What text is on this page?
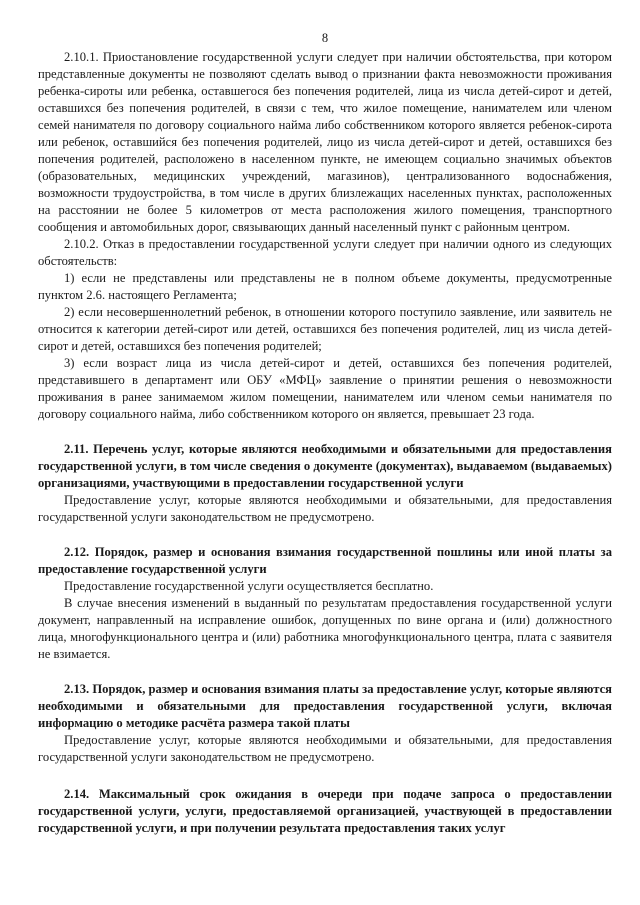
8

2.10.1. Приостановление государственной услуги следует при наличии обстоятельства, при котором представленные документы не позволяют сделать вывод о признании факта невозможности проживания ребенка-сироты или ребенка, оставшегося без попечения родителей, лица из числа детей-сирот и детей, оставшихся без попечения родителей, в связи с тем, что жилое помещение, нанимателем или членом семей нанимателя по договору социального найма либо собственником которого является ребенок-сирота или ребенок, оставшийся без попечения родителей, лицо из числа детей-сирот и детей, оставшихся без попечения родителей, расположено в населенном пункте, не имеющем социально значимых объектов (образовательных, медицинских учреждений, магазинов), централизованного водоснабжения, возможности трудоустройства, в том числе в других близлежащих населенных пунктах, расположенных на расстоянии не более 5 километров от места расположения жилого помещения, транспортного сообщения и автомобильных дорог, связывающих данный населенный пункт с районным центром.

2.10.2. Отказ в предоставлении государственной услуги следует при наличии одного из следующих обстоятельств:

1) если не представлены или представлены не в полном объеме документы, предусмотренные пунктом 2.6. настоящего Регламента;

2) если несовершеннолетний ребенок, в отношении которого поступило заявление, или заявитель не относится к категории детей-сирот или детей, оставшихся без попечения родителей, лиц из числа детей-сирот и детей, оставшихся без попечения родителей;

3) если возраст лица из числа детей-сирот и детей, оставшихся без попечения родителей, представившего в департамент или ОБУ «МФЦ» заявление о принятии решения о невозможности проживания в ранее занимаемом жилом помещении, нанимателем или членом семьи нанимателя по договору социального найма, либо собственником которого он является, превышает 23 года.

2.11. Перечень услуг, которые являются необходимыми и обязательными для предоставления государственной услуги, в том числе сведения о документе (документах), выдаваемом (выдаваемых) организациями, участвующими в предоставлении государственной услуги

Предоставление услуг, которые являются необходимыми и обязательными, для предоставления государственной услуги законодательством не предусмотрено.

2.12. Порядок, размер и основания взимания государственной пошлины или иной платы за предоставление государственной услуги

Предоставление государственной услуги осуществляется бесплатно.

В случае внесения изменений в выданный по результатам предоставления государственной услуги документ, направленный на исправление ошибок, допущенных по вине органа и (или) должностного лица, многофункционального центра и (или) работника многофункционального центра, плата с заявителя не взимается.

2.13. Порядок, размер и основания взимания платы за предоставление услуг, которые являются необходимыми и обязательными для предоставления государственной услуги, включая информацию о методике расчёта размера такой платы

Предоставление услуг, которые являются необходимыми и обязательными, для предоставления государственной услуги законодательством не предусмотрено.

2.14. Максимальный срок ожидания в очереди при подаче запроса о предоставлении государственной услуги, услуги, предоставляемой организацией, участвующей в предоставлении государственной услуги, и при получении результата предоставления таких услуг
